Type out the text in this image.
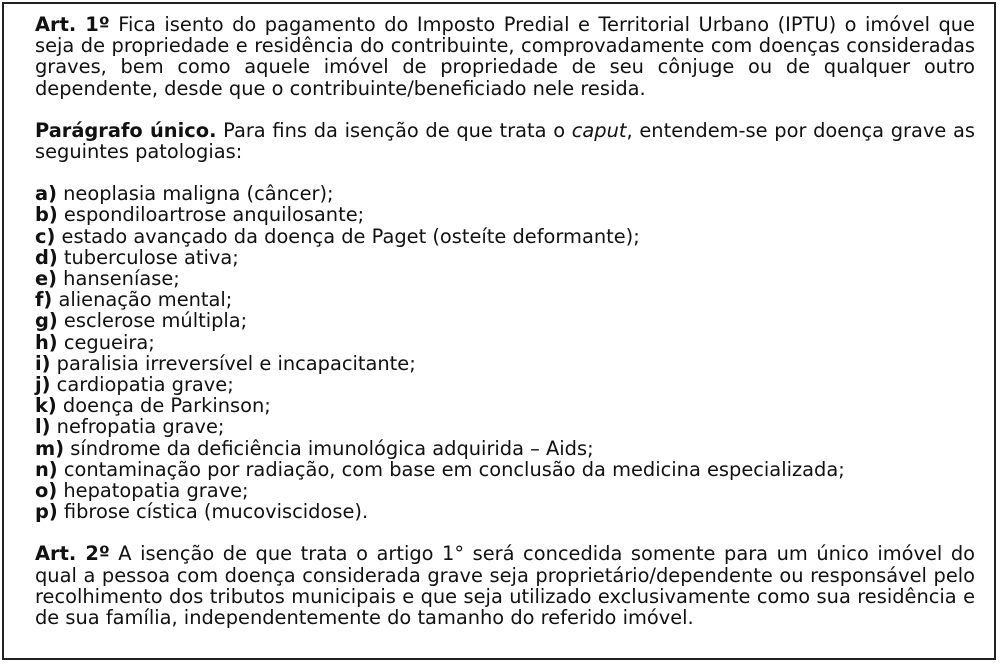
Art. 1º Fica isento do pagamento do Imposto Predial e Territorial Urbano (IPTU) o imóvel que seja de propriedade e residência do contribuinte, comprovadamente com doenças consideradas graves, bem como aquele imóvel de propriedade de seu cônjuge ou de qualquer outro dependente, desde que o contribuinte/beneficiado nele resida.

Parágrafo único. Para fins da isenção de que trata o caput, entendem-se por doença grave as seguintes patologias:

a) neoplasia maligna (câncer);
b) espondiloartrose anquilosante;
c) estado avançado da doença de Paget (osteíte deformante);
d) tuberculose ativa;
e) hanseníase;
f) alienação mental;
g) esclerose múltipla;
h) cegueira;
i) paralisia irreversível e incapacitante;
j) cardiopatia grave;
k) doença de Parkinson;
l) nefropatia grave;
m) síndrome da deficiência imunológica adquirida – Aids;
n) contaminação por radiação, com base em conclusão da medicina especializada;
o) hepatopatia grave;
p) fibrose cística (mucoviscidose).

Art. 2º A isenção de que trata o artigo 1° será concedida somente para um único imóvel do qual a pessoa com doença considerada grave seja proprietário/dependente ou responsável pelo recolhimento dos tributos municipais e que seja utilizado exclusivamente como sua residência e de sua família, independentemente do tamanho do referido imóvel.
